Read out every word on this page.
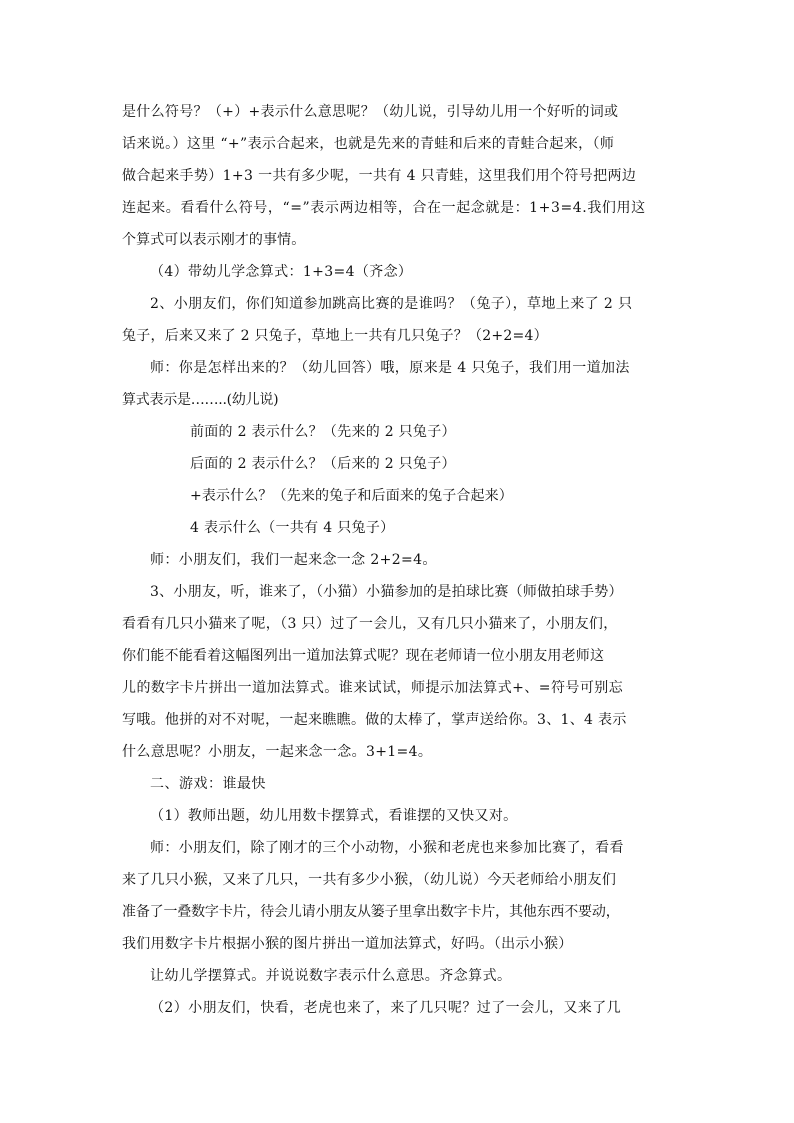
是什么符号？（+）+表示什么意思呢？（幼儿说，引导幼儿用一个好听的词或
话来说。）这里 “+”表示合起来，也就是先来的青蛙和后来的青蛙合起来，（师
做合起来手势）1+3 一共有多少呢，一共有 4 只青蛙，这里我们用个符号把两边
连起来。看看什么符号，“=”表示两边相等，合在一起念就是：1+3=4.我们用这
个算式可以表示刚才的事情。
（4）带幼儿学念算式：1+3=4（齐念）
2、小朋友们，你们知道参加跳高比赛的是谁吗？（兔子），草地上来了 2 只
兔子，后来又来了 2 只兔子，草地上一共有几只兔子？（2+2=4）
师：你是怎样出来的？（幼儿回答）哦，原来是 4 只兔子，我们用一道加法
算式表示是……..(幼儿说)
前面的 2 表示什么？（先来的 2 只兔子）
后面的 2 表示什么？（后来的 2 只兔子）
+表示什么？（先来的兔子和后面来的兔子合起来）
4 表示什么（一共有 4 只兔子）
师：小朋友们，我们一起来念一念 2+2=4。
3、小朋友，听，谁来了，（小猫）小猫参加的是拍球比赛（师做拍球手势）
看看有几只小猫来了呢，（3 只）过了一会儿，又有几只小猫来了，小朋友们，
你们能不能看着这幅图列出一道加法算式呢？现在老师请一位小朋友用老师这
儿的数字卡片拼出一道加法算式。谁来试试，师提示加法算式+、=符号可别忘
写哦。他拼的对不对呢，一起来瞧瞧。做的太棒了，掌声送给你。3、1、4 表示
什么意思呢？小朋友，一起来念一念。3+1=4。
二、游戏：谁最快
（1）教师出题，幼儿用数卡摆算式，看谁摆的又快又对。
师：小朋友们，除了刚才的三个小动物，小猴和老虎也来参加比赛了，看看
来了几只小猴，又来了几只，一共有多少小猴，（幼儿说）今天老师给小朋友们
准备了一叠数字卡片，待会儿请小朋友从篓子里拿出数字卡片，其他东西不要动，
我们用数字卡片根据小猴的图片拼出一道加法算式，好吗。（出示小猴）
让幼儿学摆算式。并说说数字表示什么意思。齐念算式。
（2）小朋友们，快看，老虎也来了，来了几只呢？过了一会儿，又来了几
